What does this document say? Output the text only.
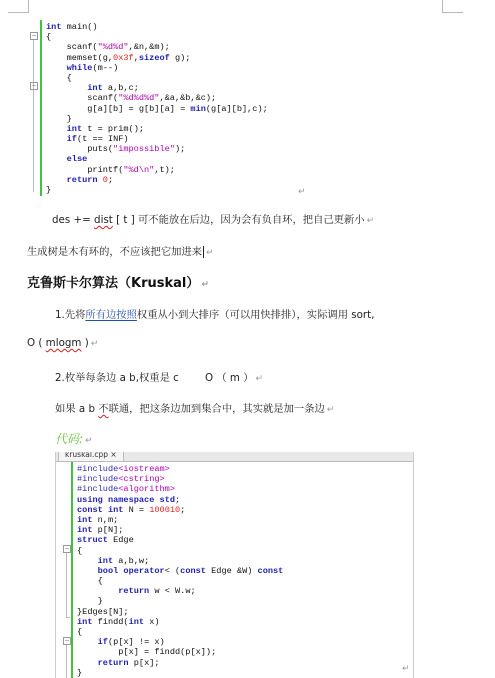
−
−
int main()
{
scanf("%d%d",&n,&m);
memset(g,0x3f,sizeof g);
while(m--)
{
int a,b,c;
scanf("%d%d%d",&a,&b,&c);
g[a][b] = g[b][a] = min(g[a][b],c);
}
int t = prim();
if(t == INF)
puts("impossible");
else
printf("%d\n",t);
return 0;
}	↵
des += dist [ t ] 可不能放在后边，因为会有负自环，把自己更新小 ↵
生成树是木有环的，不应该把它加进来 ↵
克鲁斯卡尔算法（Kruskal） ↵
1.先将所有边按照权重从小到大排序（可以用快排排），实际调用 sort,
O ( mlogm ) ↵
2.枚举每条边 a b,权重是 c        O （ m ） ↵
如果 a b 不联通，把这条边加到集合中，其实就是加一条边 ↵
代码: ↵
kruskal.cpp ×
−
−
#include<iostream>
#include<cstring>
#include<algorithm>
using namespace std;
const int N = 100010;
int n,m;
int p[N];
struct Edge
{
int a,b,w;
bool operator< (const Edge &W) const
{
return w < W.w;
}
}Edges[N];
int findd(int x)
{
if(p[x] != x)
p[x] = findd(p[x]);
return p[x];
}	↵
